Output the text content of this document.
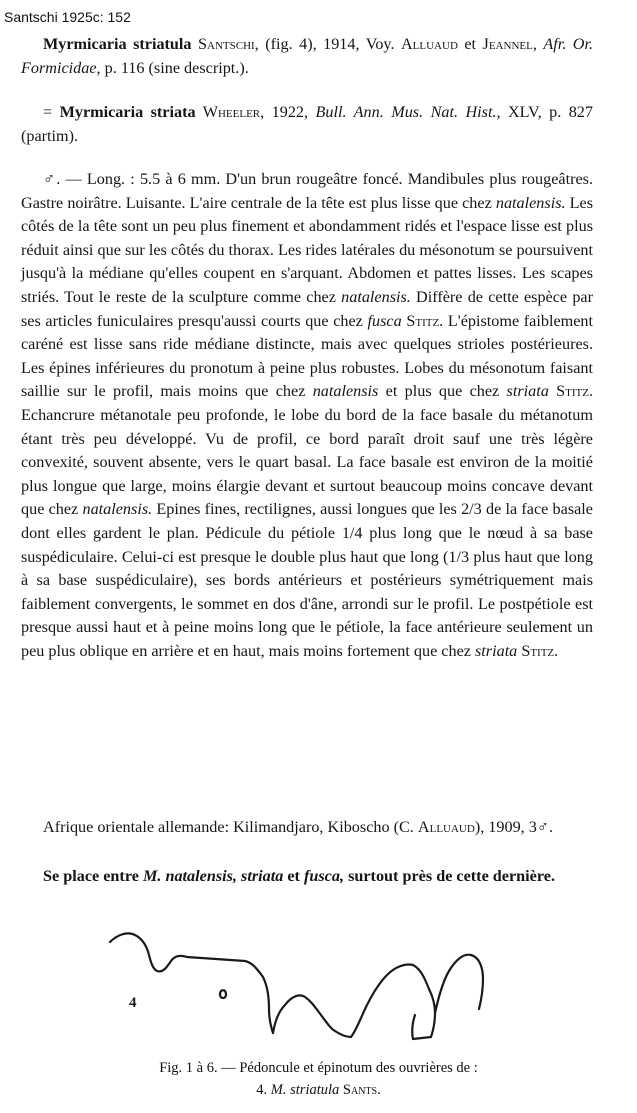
Santschi 1925c: 152

Myrmicaria striatula Santschi, (fig. 4), 1914, Voy. Alluaud et Jeannel, Afr. Or. Formicidae, p. 116 (sine descript.).

= Myrmicaria striata Wheeler, 1922, Bull. Ann. Mus. Nat. Hist., XLV, p. 827 (partim).

♂. — Long. : 5.5 à 6 mm. D'un brun rougeâtre foncé. Mandibules plus rougeâtres. Gastre noirâtre. Luisante. L'aire centrale de la tête est plus lisse que chez natalensis. Les côtés de la tête sont un peu plus finement et abondamment ridés et l'espace lisse est plus réduit ainsi que sur les côtés du thorax. Les rides latérales du mésonotum se poursuivent jusqu'à la médiane qu'elles coupent en s'arquant. Abdomen et pattes lisses. Les scapes striés. Tout le reste de la sculpture comme chez natalensis. Diffère de cette espèce par ses articles funiculaires presqu'aussi courts que chez fusca Stitz. L'épistome faiblement caréné est lisse sans ride médiane distincte, mais avec quelques strioles postérieures. Les épines inférieures du pronotum à peine plus robustes. Lobes du mésonotum faisant saillie sur le profil, mais moins que chez natalensis et plus que chez striata Stitz. Echancrure métanotale peu profonde, le lobe du bord de la face basale du métanotum étant très peu développé. Vu de profil, ce bord paraît droit sauf une très légère convexité, souvent absente, vers le quart basal. La face basale est environ de la moitié plus longue que large, moins élargie devant et surtout beaucoup moins concave devant que chez natalensis. Epines fines, rectilignes, aussi longues que les 2/3 de la face basale dont elles gardent le plan. Pédicule du pétiole 1/4 plus long que le nœud à sa base suspédiculaire. Celui-ci est presque le double plus haut que long (1/3 plus haut que long à sa base suspédiculaire), ses bords antérieurs et postérieurs symétriquement mais faiblement convergents, le sommet en dos d'âne, arrondi sur le profil. Le postpétiole est presque aussi haut et à peine moins long que le pétiole, la face antérieure seulement un peu plus oblique en arrière et en haut, mais moins fortement que chez striata Stitz.

Afrique orientale allemande: Kilimandjaro, Kiboscho (C. Alluaud), 1909, 3♂.

Se place entre M. natalensis, striata et fusca, surtout près de cette dernière.

4
Fig. 1 à 6. — Pédoncule et épinotum des ouvrières de :
4. M. striatula Sants.
